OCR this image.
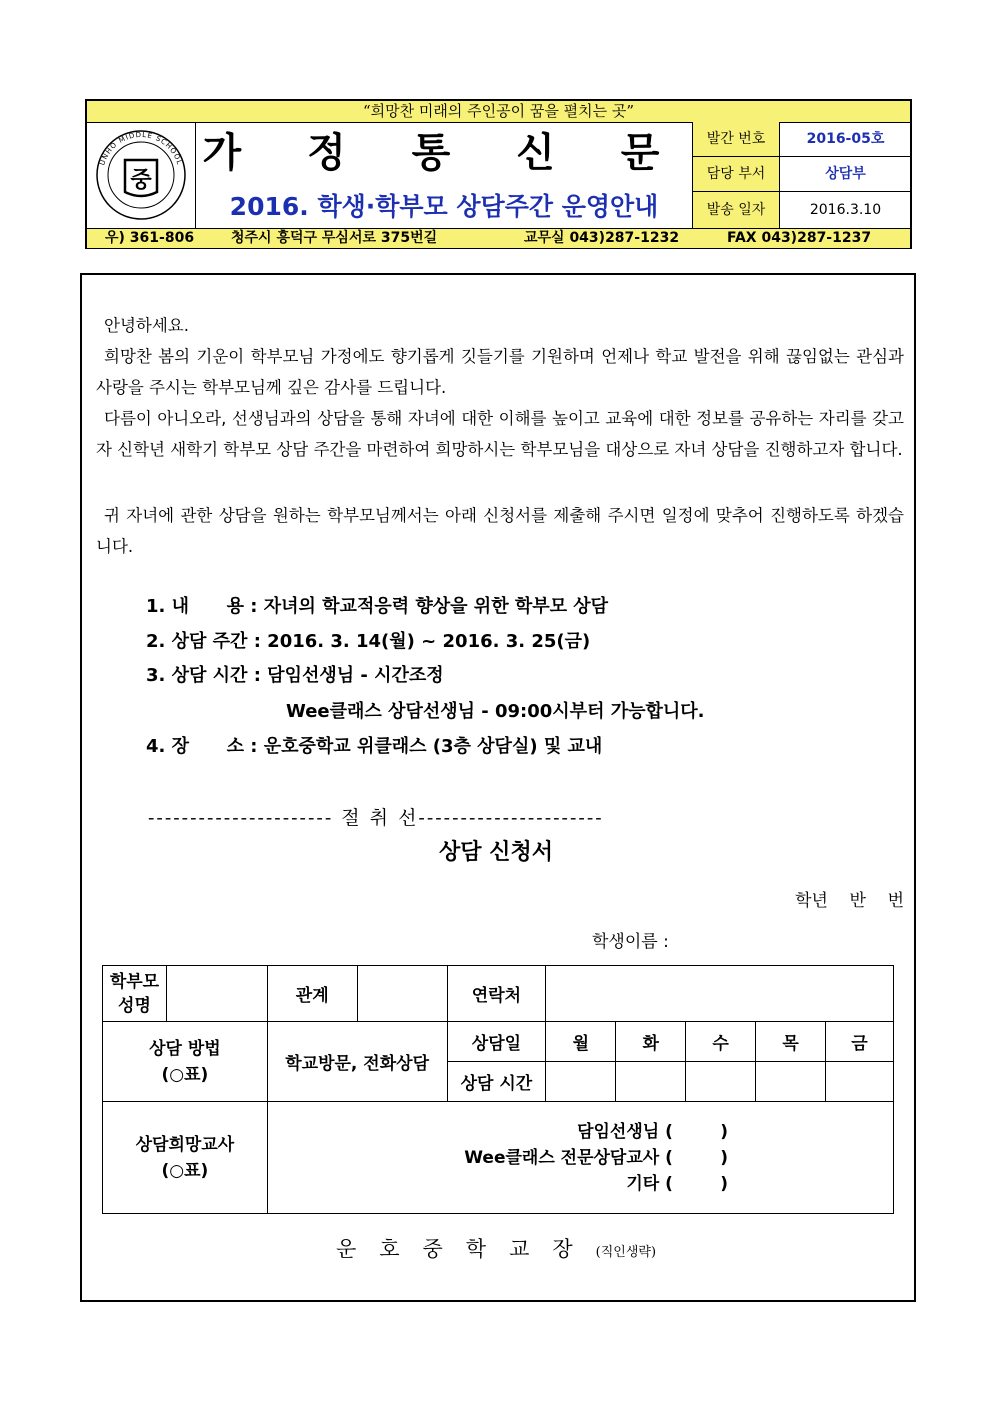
“희망찬 미래의 주인공이 꿈을 펼치는 곳”
UNHO MIDDLE SCHOOL
중
가 정 통 신 문
2016. 학생·학부모 상담주간 운영안내
발간 번호	2016-05호
담당 부서	상담부
발송 일자	2016.3.10
우) 361-806	청주시 흥덕구 무심서로 375번길	교무실 043)287-1232	FAX 043)287-1237
안녕하세요.
희망찬 봄의 기운이 학부모님 가정에도 향기롭게 깃들기를 기원하며 언제나 학교 발전을 위해 끊임없는 관심과 사랑을 주시는 학부모님께 깊은 감사를 드립니다.
다름이 아니오라, 선생님과의 상담을 통해 자녀에 대한 이해를 높이고 교육에 대한 정보를 공유하는 자리를 갖고자 신학년 새학기 학부모 상담 주간을 마련하여 희망하시는 학부모님을 대상으로 자녀 상담을 진행하고자 합니다.
귀 자녀에 관한 상담을 원하는 학부모님께서는 아래 신청서를 제출해 주시면 일정에 맞추어 진행하도록 하겠습니다.
1. 내      용 : 자녀의 학교적응력 향상을 위한 학부모 상담
2. 상담 주간 : 2016. 3. 14(월) ~ 2016. 3. 25(금)
3. 상담 시간 : 담임선생님 - 시간조정
Wee클래스 상담선생님 - 09:00시부터 가능합니다.
4. 장      소 : 운호중학교 위클래스 (3층 상담실) 및 교내
---------------------- 절 취 선----------------------
상담 신청서
학년    반    번
학생이름 :
학부모 성명		관계		연락처					
상담 방법 (○표)		학교방문, 전화상담		상담일	월	화	수	목	금
				상담 시간					
상담희망교사 (○표)		담임선생님 (        )
Wee클래스 전문상담교사 (        )
기타 (        )							
운호중학교장(직인생략)
